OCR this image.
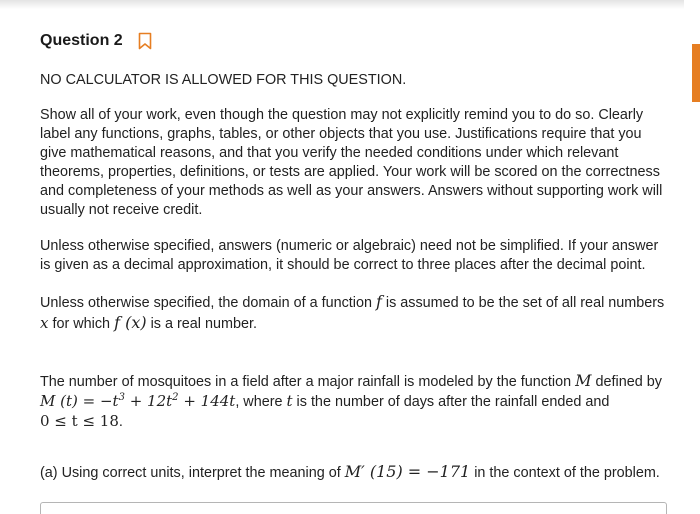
Question 2

NO CALCULATOR IS ALLOWED FOR THIS QUESTION.

Show all of your work, even though the question may not explicitly remind you to do so. Clearly label any functions, graphs, tables, or other objects that you use. Justifications require that you give mathematical reasons, and that you verify the needed conditions under which relevant theorems, properties, definitions, or tests are applied. Your work will be scored on the correctness and completeness of your methods as well as your answers. Answers without supporting work will usually not receive credit.

Unless otherwise specified, answers (numeric or algebraic) need not be simplified. If your answer is given as a decimal approximation, it should be correct to three places after the decimal point.

Unless otherwise specified, the domain of a function f is assumed to be the set of all real numbers
x for which f (x) is a real number.

The number of mosquitoes in a field after a major rainfall is modeled by the function M defined by
M $(t) = -t^3 + 12t^2 + 144t$, where t is the number of days after the rainfall ended and
0 ≤ t ≤ 18.

(a) Using correct units, interpret the meaning of M′ (15) = −171 in the context of the problem.
